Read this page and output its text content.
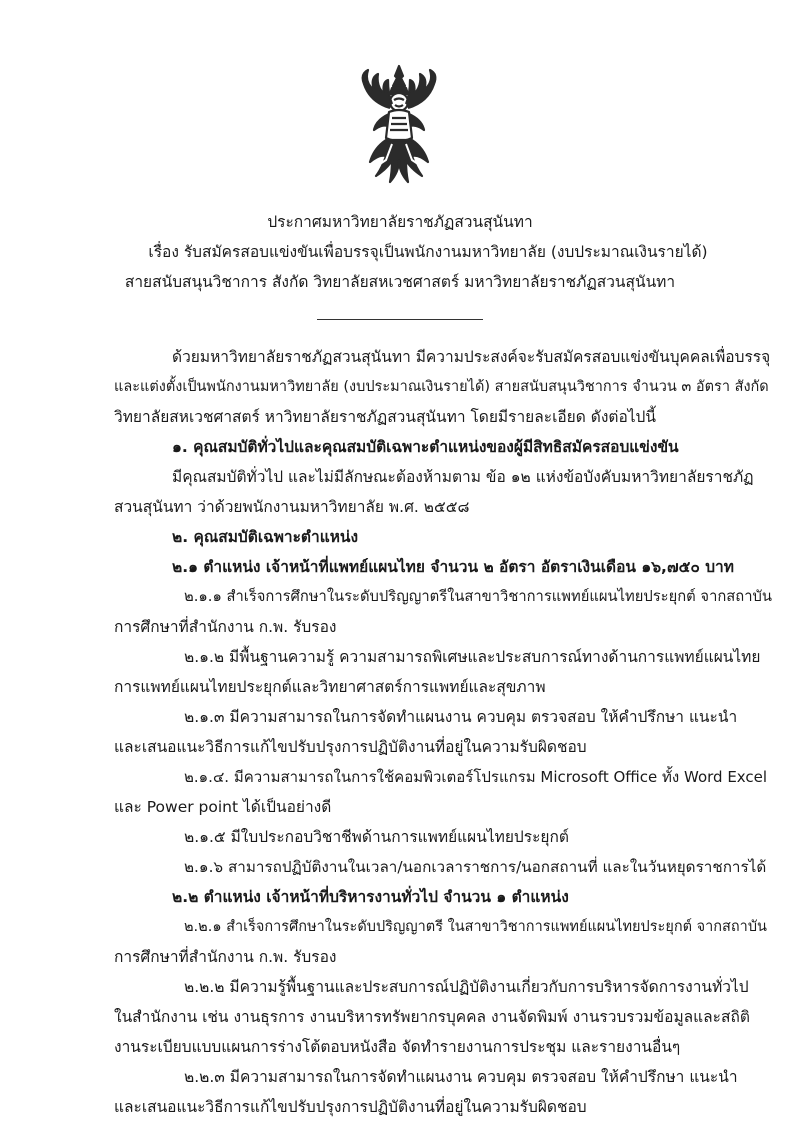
ประกาศมหาวิทยาลัยราชภัฏสวนสุนันทา
เรื่อง รับสมัครสอบแข่งขันเพื่อบรรจุเป็นพนักงานมหาวิทยาลัย (งบประมาณเงินรายได้)
สายสนับสนุนวิชาการ สังกัด วิทยาลัยสหเวชศาสตร์ มหาวิทยาลัยราชภัฏสวนสุนันทา
ด้วยมหาวิทยาลัยราชภัฏสวนสุนันทา มีความประสงค์จะรับสมัครสอบแข่งขันบุคคลเพื่อบรรจุ
และแต่งตั้งเป็นพนักงานมหาวิทยาลัย (งบประมาณเงินรายได้) สายสนับสนุนวิชาการ จำนวน ๓ อัตรา สังกัด
วิทยาลัยสหเวชศาสตร์ หาวิทยาลัยราชภัฏสวนสุนันทา โดยมีรายละเอียด ดังต่อไปนี้
๑. คุณสมบัติทั่วไปและคุณสมบัติเฉพาะตำแหน่งของผู้มีสิทธิสมัครสอบแข่งขัน
มีคุณสมบัติทั่วไป และไม่มีลักษณะต้องห้ามตาม ข้อ ๑๒ แห่งข้อบังคับมหาวิทยาลัยราชภัฏ
สวนสุนันทา ว่าด้วยพนักงานมหาวิทยาลัย พ.ศ. ๒๕๕๘
๒. คุณสมบัติเฉพาะตำแหน่ง
๒.๑ ตำแหน่ง เจ้าหน้าที่แพทย์แผนไทย จำนวน ๒ อัตรา อัตราเงินเดือน ๑๖,๗๕๐ บาท
๒.๑.๑ สำเร็จการศึกษาในระดับปริญญาตรีในสาขาวิชาการแพทย์แผนไทยประยุกต์ จากสถาบัน
การศึกษาที่สำนักงาน ก.พ. รับรอง
๒.๑.๒ มีพื้นฐานความรู้ ความสามารถพิเศษและประสบการณ์ทางด้านการแพทย์แผนไทย
การแพทย์แผนไทยประยุกต์และวิทยาศาสตร์การแพทย์และสุขภาพ
๒.๑.๓ มีความสามารถในการจัดทำแผนงาน ควบคุม ตรวจสอบ ให้คำปรึกษา แนะนำ
และเสนอแนะวิธีการแก้ไขปรับปรุงการปฏิบัติงานที่อยู่ในความรับผิดชอบ
๒.๑.๔. มีความสามารถในการใช้คอมพิวเตอร์โปรแกรม Microsoft Office ทั้ง Word Excel
และ Power point ได้เป็นอย่างดี
๒.๑.๕ มีใบประกอบวิชาชีพด้านการแพทย์แผนไทยประยุกต์
๒.๑.๖ สามารถปฏิบัติงานในเวลา/นอกเวลาราชการ/นอกสถานที่ และในวันหยุดราชการได้
๒.๒ ตำแหน่ง เจ้าหน้าที่บริหารงานทั่วไป จำนวน ๑ ตำแหน่ง
๒.๒.๑ สำเร็จการศึกษาในระดับปริญญาตรี ในสาขาวิชาการแพทย์แผนไทยประยุกต์ จากสถาบัน
การศึกษาที่สำนักงาน ก.พ. รับรอง
๒.๒.๒ มีความรู้พื้นฐานและประสบการณ์ปฏิบัติงานเกี่ยวกับการบริหารจัดการงานทั่วไป
ในสำนักงาน เช่น งานธุรการ งานบริหารทรัพยากรบุคคล งานจัดพิมพ์ งานรวบรวมข้อมูลและสถิติ
งานระเบียบแบบแผนการร่างโต้ตอบหนังสือ จัดทำรายงานการประชุม และรายงานอื่นๆ
๒.๒.๓ มีความสามารถในการจัดทำแผนงาน ควบคุม ตรวจสอบ ให้คำปรึกษา แนะนำ
และเสนอแนะวิธีการแก้ไขปรับปรุงการปฏิบัติงานที่อยู่ในความรับผิดชอบ
